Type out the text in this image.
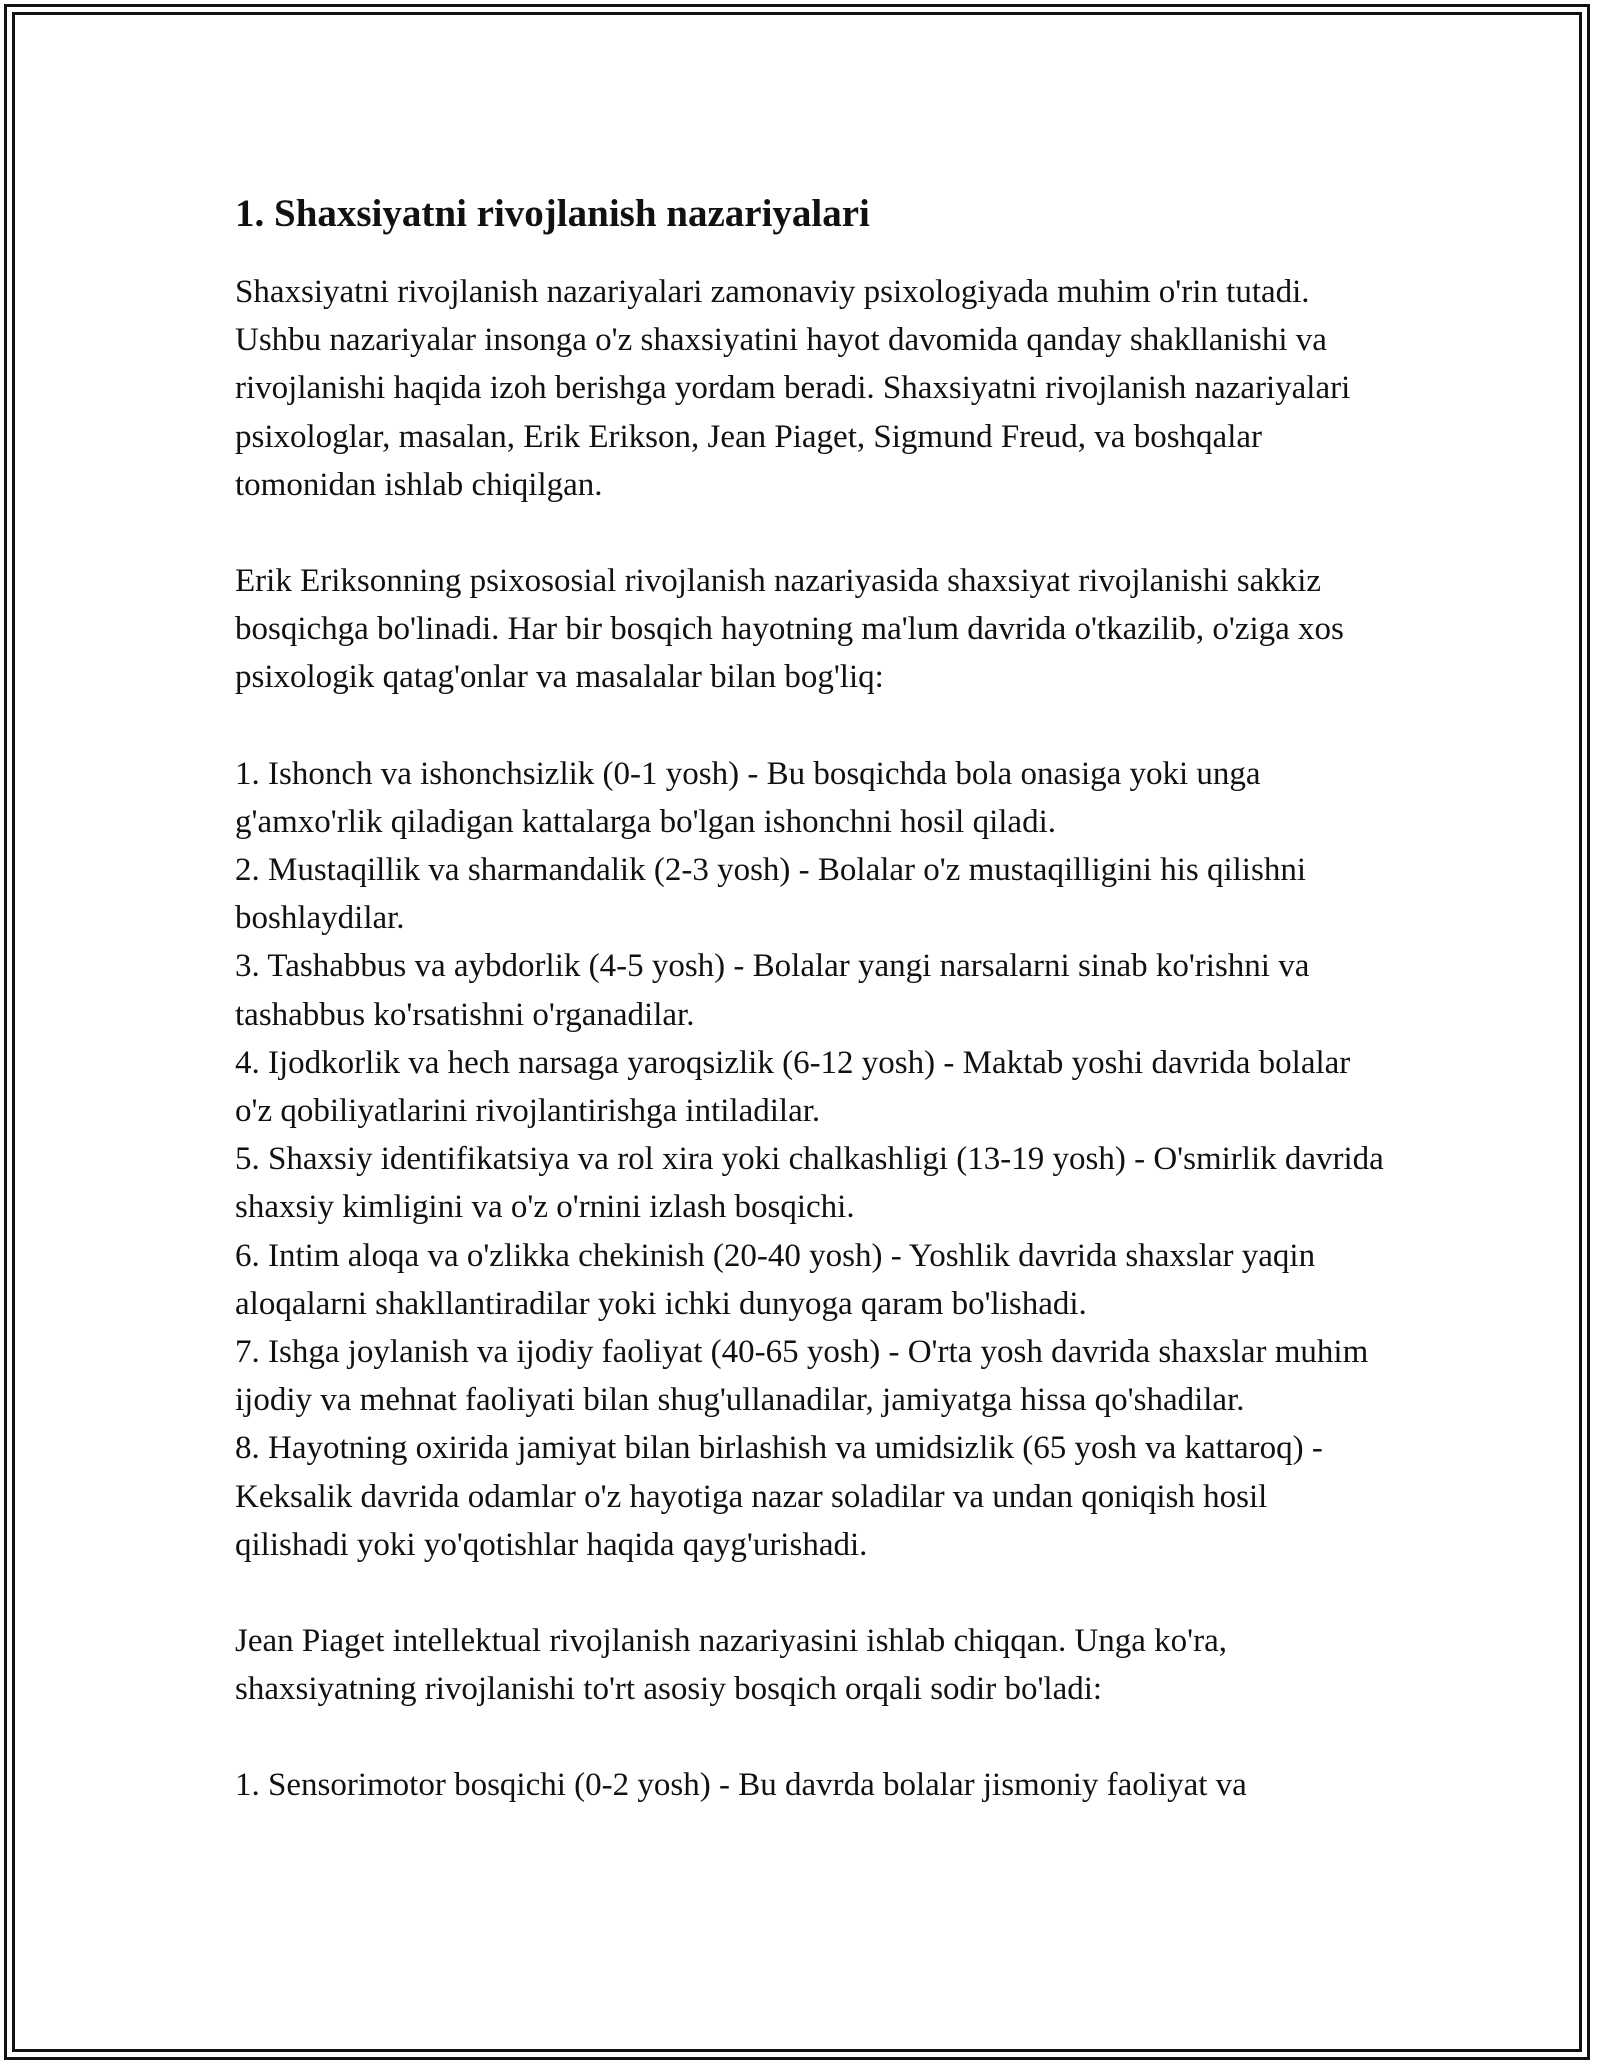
1. Shaxsiyatni rivojlanish nazariyalari

Shaxsiyatni rivojlanish nazariyalari zamonaviy psixologiyada muhim o'rin tutadi. Ushbu nazariyalar insonga o'z shaxsiyatini hayot davomida qanday shakllanishi va rivojlanishi haqida izoh berishga yordam beradi. Shaxsiyatni rivojlanish nazariyalari psixologlar, masalan, Erik Erikson, Jean Piaget, Sigmund Freud, va boshqalar tomonidan ishlab chiqilgan.

Erik Eriksonning psixososial rivojlanish nazariyasida shaxsiyat rivojlanishi sakkiz bosqichga bo'linadi. Har bir bosqich hayotning ma'lum davrida o'tkazilib, o'ziga xos psixologik qatag'onlar va masalalar bilan bog'liq:

1. Ishonch va ishonchsizlik (0-1 yosh) - Bu bosqichda bola onasiga yoki unga g'amxo'rlik qiladigan kattalarga bo'lgan ishonchni hosil qiladi.
2. Mustaqillik va sharmandalik (2-3 yosh) - Bolalar o'z mustaqilligini his qilishni boshlaydilar.
3. Tashabbus va aybdorlik (4-5 yosh) - Bolalar yangi narsalarni sinab ko'rishni va tashabbus ko'rsatishni o'rganadilar.
4. Ijodkorlik va hech narsaga yaroqsizlik (6-12 yosh) - Maktab yoshi davrida bolalar o'z qobiliyatlarini rivojlantirishga intiladilar.
5. Shaxsiy identifikatsiya va rol xira yoki chalkashligi (13-19 yosh) - O'smirlik davrida shaxsiy kimligini va o'z o'rnini izlash bosqichi.
6. Intim aloqa va o'zlikka chekinish (20-40 yosh) - Yoshlik davrida shaxslar yaqin aloqalarni shakllantiradilar yoki ichki dunyoga qaram bo'lishadi.
7. Ishga joylanish va ijodiy faoliyat (40-65 yosh) - O'rta yosh davrida shaxslar muhim ijodiy va mehnat faoliyati bilan shug'ullanadilar, jamiyatga hissa qo'shadilar.
8. Hayotning oxirida jamiyat bilan birlashish va umidsizlik (65 yosh va kattaroq) - Keksalik davrida odamlar o'z hayotiga nazar soladilar va undan qoniqish hosil qilishadi yoki yo'qotishlar haqida qayg'urishadi.

Jean Piaget intellektual rivojlanish nazariyasini ishlab chiqqan. Unga ko'ra, shaxsiyatning rivojlanishi to'rt asosiy bosqich orqali sodir bo'ladi:

1. Sensorimotor bosqichi (0-2 yosh) - Bu davrda bolalar jismoniy faoliyat va
